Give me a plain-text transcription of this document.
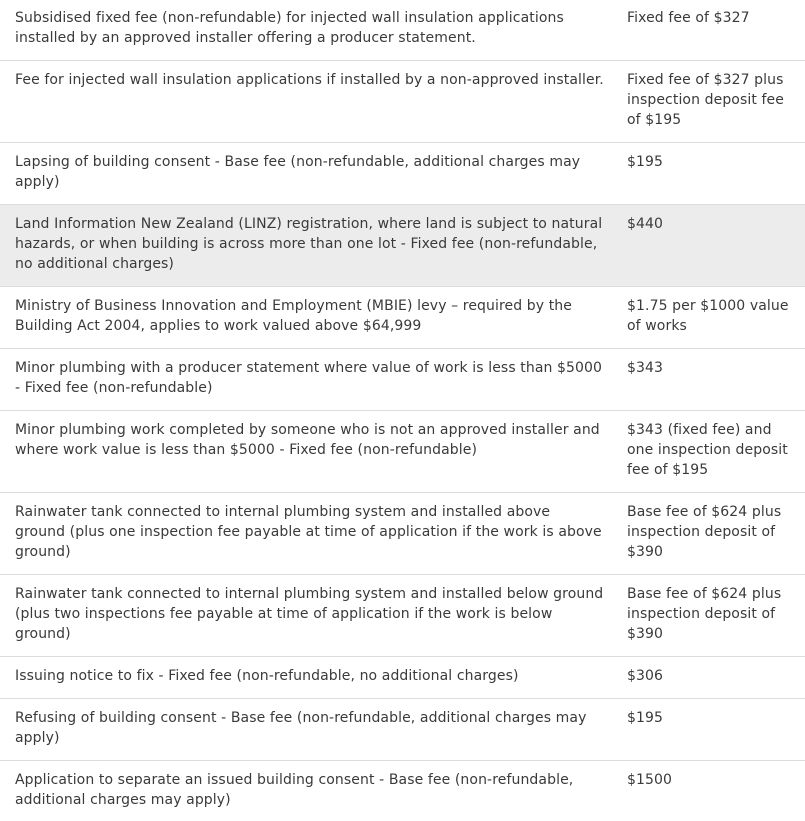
Subsidised fixed fee (non-refundable) for injected wall insulation applications installed by an approved installer offering a producer statement.	Fixed fee of $327
Fee for injected wall insulation applications if installed by a non-approved installer.	Fixed fee of $327 plus inspection deposit fee of $195
Lapsing of building consent - Base fee (non-refundable, additional charges may apply)	$195
Land Information New Zealand (LINZ) registration, where land is subject to natural hazards, or when building is across more than one lot - Fixed fee (non-refundable, no additional charges)	$440
Ministry of Business Innovation and Employment (MBIE) levy – required by the Building Act 2004, applies to work valued above $64,999	$1.75 per $1000 value of works
Minor plumbing with a producer statement where value of work is less than $5000 - Fixed fee (non-refundable)	$343
Minor plumbing work completed by someone who is not an approved installer and where work value is less than $5000 - Fixed fee (non-refundable)	$343 (fixed fee) and one inspection deposit fee of $195
Rainwater tank connected to internal plumbing system and installed above ground (plus one inspection fee payable at time of application if the work is above ground)	Base fee of $624 plus inspection deposit of $390
Rainwater tank connected to internal plumbing system and installed below ground (plus two inspections fee payable at time of application if the work is below ground)	Base fee of $624 plus inspection deposit of $390
Issuing notice to fix - Fixed fee (non-refundable, no additional charges)	$306
Refusing of building consent - Base fee (non-refundable, additional charges may apply)	$195
Application to separate an issued building consent - Base fee (non-refundable, additional charges may apply)	$1500
